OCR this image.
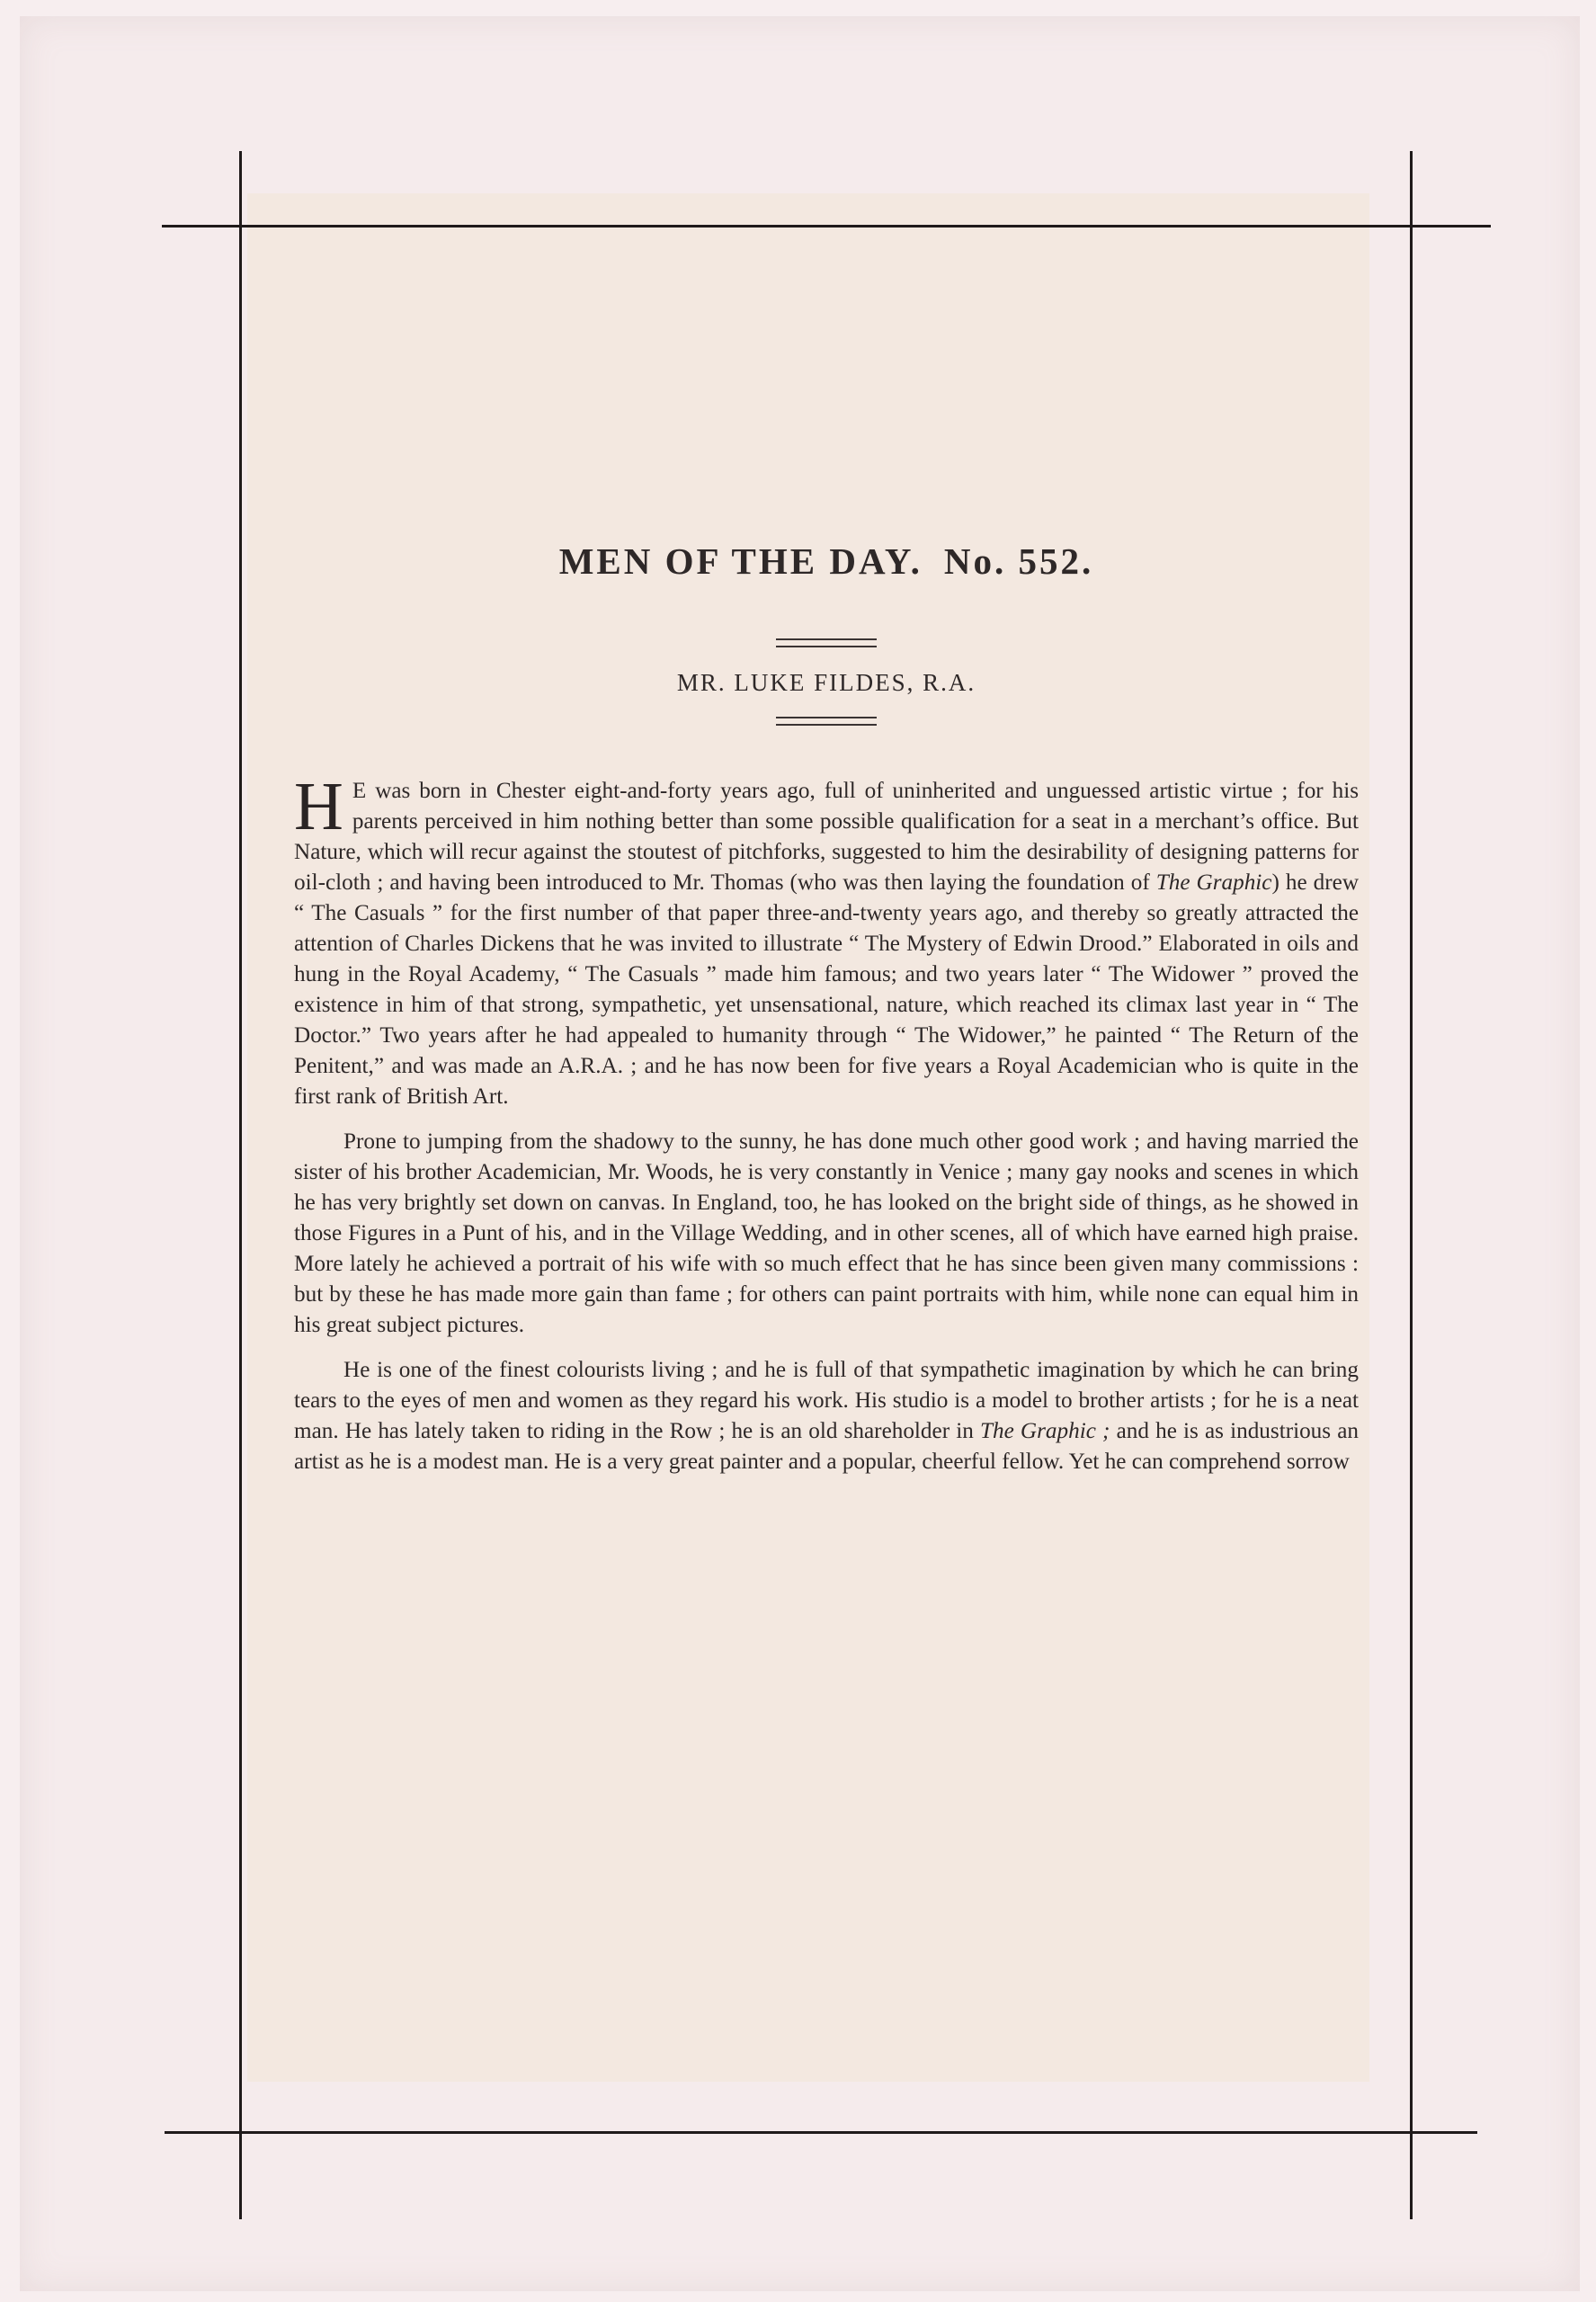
MEN OF THE DAY. No. 552.
MR. LUKE FILDES, R.A.

H E was born in Chester eight-and-forty years ago, full of uninherited and unguessed artistic virtue ; for his parents perceived in him nothing better than some possible qualification for a seat in a merchant’s office. But Nature, which will recur against the stoutest of pitchforks, suggested to him the desirability of designing patterns for oil-cloth ; and having been introduced to Mr. Thomas (who was then laying the foundation of The Graphic) he drew “ The Casuals ” for the first number of that paper three-and-twenty years ago, and thereby so greatly attracted the attention of Charles Dickens that he was invited to illustrate “ The Mystery of Edwin Drood.” Elaborated in oils and hung in the Royal Academy, “ The Casuals ” made him famous; and two years later “ The Widower ” proved the existence in him of that strong, sympathetic, yet unsensational, nature, which reached its climax last year in “ The Doctor.” Two years after he had appealed to humanity through “ The Widower,” he painted “ The Return of the Penitent,” and was made an A.R.A. ; and he has now been for five years a Royal Academician who is quite in the first rank of British Art.

Prone to jumping from the shadowy to the sunny, he has done much other good work ; and having married the sister of his brother Academician, Mr. Woods, he is very constantly in Venice ; many gay nooks and scenes in which he has very brightly set down on canvas. In England, too, he has looked on the bright side of things, as he showed in those Figures in a Punt of his, and in the Village Wedding, and in other scenes, all of which have earned high praise. More lately he achieved a portrait of his wife with so much effect that he has since been given many commissions : but by these he has made more gain than fame ; for others can paint portraits with him, while none can equal him in his great subject pictures.

He is one of the finest colourists living ; and he is full of that sympathetic imagination by which he can bring tears to the eyes of men and women as they regard his work. His studio is a model to brother artists ; for he is a neat man. He has lately taken to riding in the Row ; he is an old shareholder in The Graphic ; and he is as industrious an artist as he is a modest man. He is a very great painter and a popular, cheerful fellow. Yet he can comprehend sorrow
